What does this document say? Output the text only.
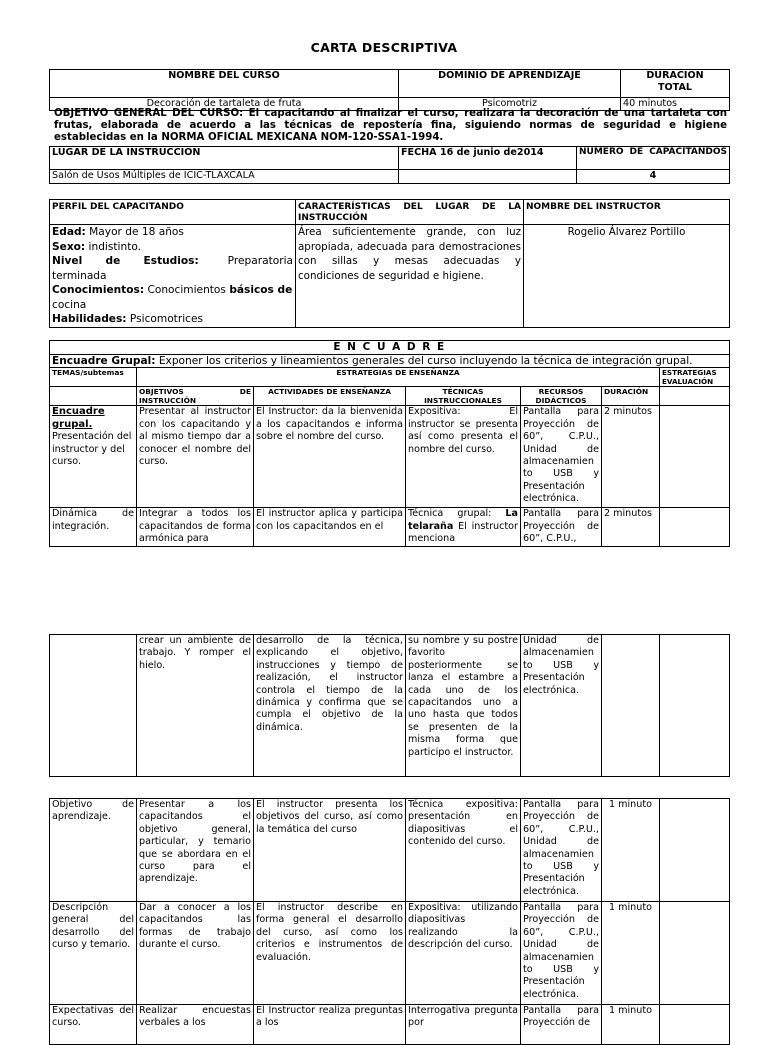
CARTA DESCRIPTIVA
NOMBRE DEL CURSO	DOMINIO DE APRENDIZAJE	DURACIÓN TOTAL
Decoración de tartaleta de fruta	Psicomotriz	40 minutos
OBJETIVO GENERAL DEL CURSO: El capacitando al finalizar el curso, realizara la decoración de una tartaleta con frutas, elaborada de acuerdo a las técnicas de repostería fina, siguiendo normas de seguridad e higiene establecidas en la NORMA OFICIAL MEXICANA NOM-120-SSA1-1994.
LUGAR DE LA INSTRUCCIÓN	FECHA 16 de junio de2014	NUMERO DE CAPACITANDOS
Salón de Usos Múltiples de ICIC-TLAXCALA		4
PERFIL DEL CAPACITANDO	CARACTERÍSTICAS DEL LUGAR DE LA INSTRUCCIÓN	NOMBRE DEL INSTRUCTOR

Edad: Mayor de 18 años
Sexo: indistinto.
Nivel de Estudios: Preparatoria terminada
Conocimientos: Conocimientos básicos de cocina
Habilidades: Psicomotrices	Área suficientemente grande, con luz apropiada, adecuada para demostraciones con sillas y mesas adecuadas y condiciones de seguridad e higiene.	Rogelio Álvarez Portillo
E N C U A D R E						
Encuadre Grupal: Exponer los criterios y lineamientos generales del curso incluyendo la técnica de integración grupal.						
TEMAS/subtemas	ESTRATEGIAS DE ENSEÑANZA					ESTRATEGIAS EVALUACIÓN
	OBJETIVOS DE INSTRUCCIÓN	ACTIVIDADES DE ENSEÑANZA	TÉCNICAS INSTRUCCIONALES	RECURSOS DIDÁCTICOS	DURACIÓN	

Encuadre grupal.
Presentación del instructor y del curso.	Presentar al instructor con los capacitando y al mismo tiempo dar a conocer el nombre del curso.	El Instructor: da la bienvenida a los capacitandos e informa sobre el nombre del curso.	Expositiva: El instructor se presenta así como presenta el nombre del curso.	Pantalla para Proyección de 60”, C.P.U., Unidad de almacenamien to USB y Presentación electrónica.	2 minutos	
Dinámica de integración.	Integrar a todos los capacitandos de forma armónica para	El instructor aplica y participa con los capacitandos en el	Técnica grupal: La telaraña El instructor menciona	Pantalla para Proyección de 60”, C.P.U.,	2 minutos	
	crear un ambiente de trabajo. Y romper el hielo.	desarrollo de la técnica, explicando el objetivo, instrucciones y tiempo de realización, el instructor controla el tiempo de la dinámica y confirma que se cumpla el objetivo de la dinámica.	su nombre y su postre favorito posteriormente se lanza el estambre a cada uno de los capacitandos uno a uno hasta que todos se presenten de la misma forma que participo el instructor.	Unidad de almacenamien to USB y Presentación electrónica.		
Objetivo de aprendizaje.	Presentar a los capacitandos el objetivo general, particular, y temario que se abordara en el curso para el aprendizaje.	El instructor presenta los objetivos del curso, así como la temática del curso	Técnica expositiva: presentación en diapositivas el contenido del curso.	Pantalla para Proyección de 60”, C.P.U., Unidad de almacenamien to USB y Presentación electrónica.	1 minuto	
Descripción general del desarrollo del curso y temario.	Dar a conocer a los capacitandos las formas de trabajo durante el curso.	El instructor describe en forma general el desarrollo del curso, así como los criterios e instrumentos de evaluación.	Expositiva: utilizando diapositivas realizando la descripción del curso.	Pantalla para Proyección de 60”, C.P.U., Unidad de almacenamien to USB y Presentación electrónica.	1 minuto	
Expectativas del curso.	Realizar encuestas verbales a los	El Instructor realiza preguntas a los	Interrogativa pregunta por	Pantalla para Proyección de	1 minuto	
